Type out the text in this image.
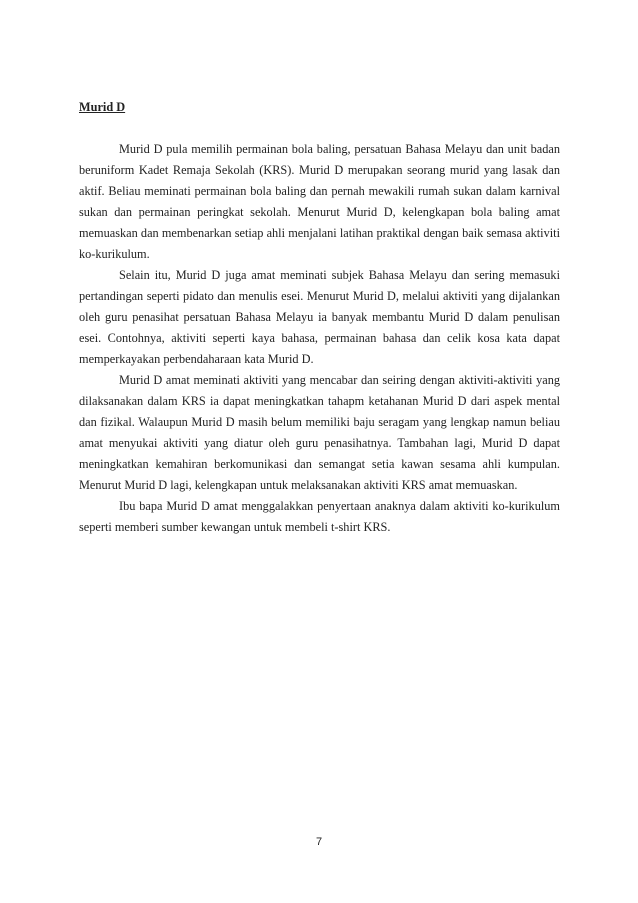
Murid D

Murid D pula memilih permainan bola baling, persatuan Bahasa Melayu dan unit badan beruniform Kadet Remaja Sekolah (KRS). Murid D merupakan seorang murid yang lasak dan aktif. Beliau meminati permainan bola baling dan pernah mewakili rumah sukan dalam karnival sukan dan permainan peringkat sekolah. Menurut Murid D, kelengkapan bola baling amat memuaskan dan membenarkan setiap ahli menjalani latihan praktikal dengan baik semasa aktiviti ko-kurikulum.

Selain itu, Murid D juga amat meminati subjek Bahasa Melayu dan sering memasuki pertandingan seperti pidato dan menulis esei. Menurut Murid D, melalui aktiviti yang dijalankan oleh guru penasihat persatuan Bahasa Melayu ia banyak membantu Murid D dalam penulisan esei. Contohnya, aktiviti seperti kaya bahasa, permainan bahasa dan celik kosa kata dapat memperkayakan perbendaharaan kata Murid D.

Murid D amat meminati aktiviti yang mencabar dan seiring dengan aktiviti-aktiviti yang dilaksanakan dalam KRS ia dapat meningkatkan tahapm ketahanan Murid D dari aspek mental dan fizikal. Walaupun Murid D masih belum memiliki baju seragam yang lengkap namun beliau amat menyukai aktiviti yang diatur oleh guru penasihatnya. Tambahan lagi, Murid D dapat meningkatkan kemahiran berkomunikasi dan semangat setia kawan sesama ahli kumpulan. Menurut Murid D lagi, kelengkapan untuk melaksanakan aktiviti KRS amat memuaskan.

Ibu bapa Murid D amat menggalakkan penyertaan anaknya dalam aktiviti ko-kurikulum seperti memberi sumber kewangan untuk membeli t-shirt KRS.

7
